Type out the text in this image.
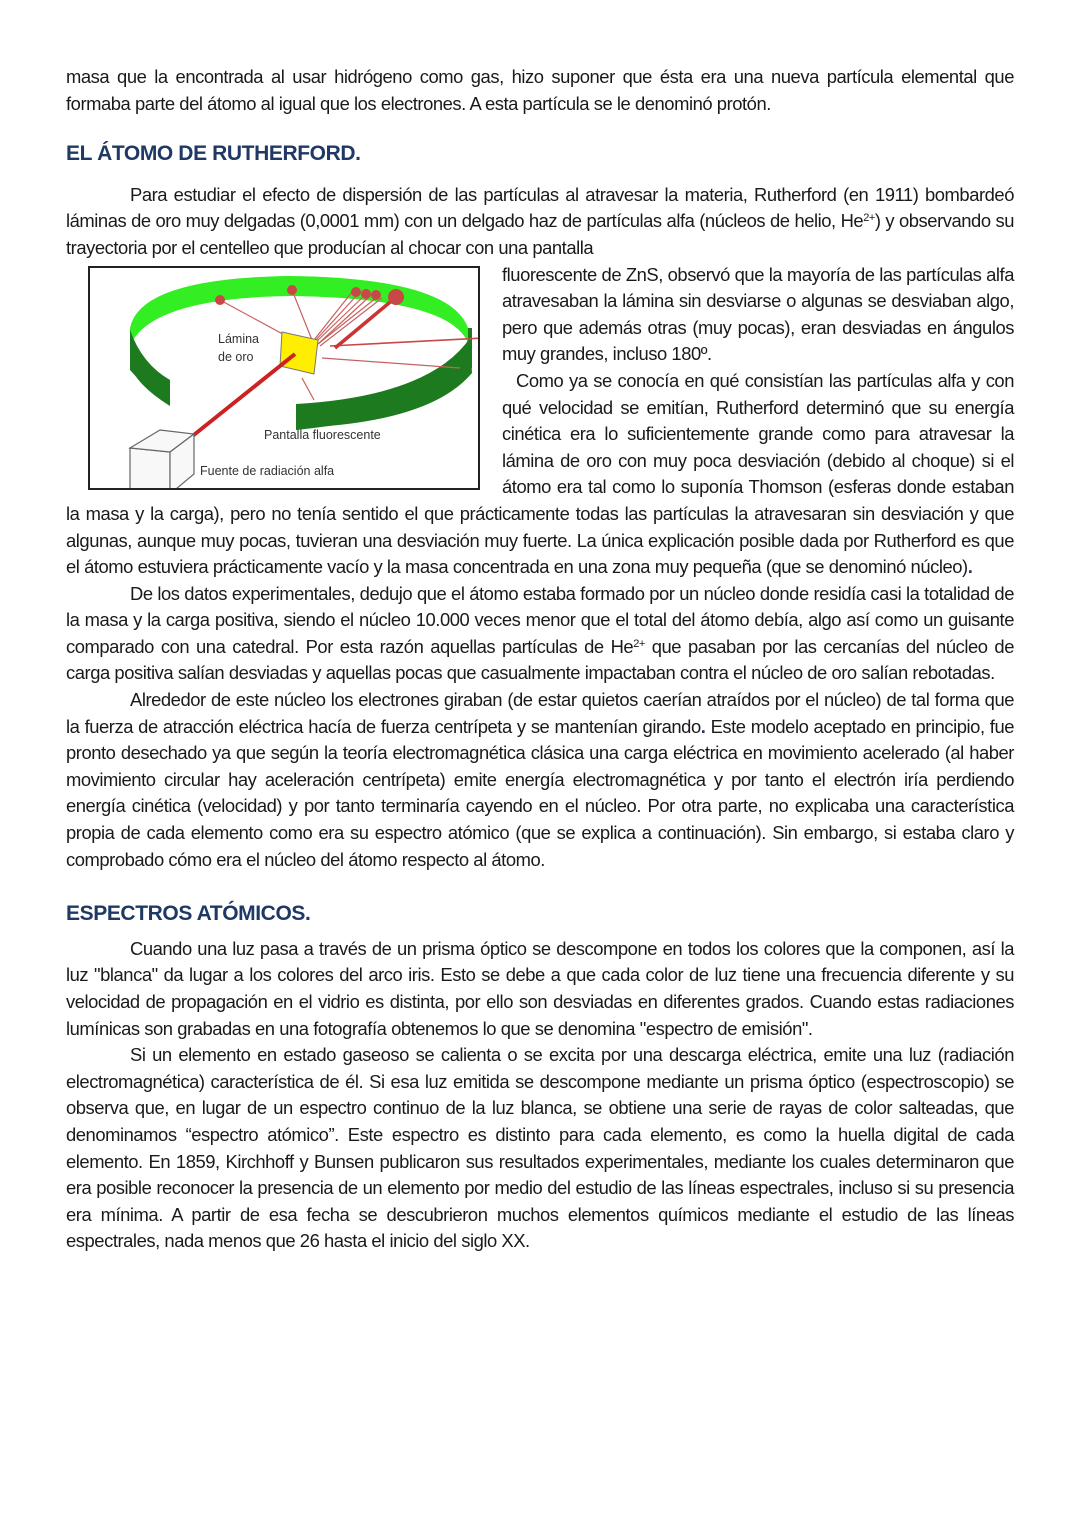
masa que la encontrada al usar hidrógeno como gas, hizo suponer que ésta era una nueva partícula elemental que formaba parte del átomo al igual que los electrones. A esta partícula se le denominó protón.

EL ÁTOMO DE RUTHERFORD.

Para estudiar el efecto de dispersión de las partículas al atravesar la materia, Rutherford (en 1911) bombardeó láminas de oro muy delgadas (0,0001 mm) con un delgado haz de partículas alfa (núcleos de helio, $He^{2+}$) y observando su trayectoria por el centelleo que producían al chocar con una pantalla

Lámina
de oro
Pantalla fluorescente
Fuente de radiación alfa

fluorescente de ZnS, observó que la mayoría de las partículas alfa atravesaban la lámina sin desviarse o algunas se desviaban algo, pero que además otras (muy pocas), eran desviadas en ángulos muy grandes, incluso 180º.

Como ya se conocía en qué consistían las partículas alfa y con qué velocidad se emitían, Rutherford determinó que su energía cinética era lo suficientemente grande como para atravesar la lámina de oro con muy poca desviación (debido al choque) si el átomo era tal como lo suponía Thomson (esferas donde estaban la masa y la carga), pero no tenía sentido el que prácticamente todas las partículas la atravesaran sin desviación y que algunas, aunque muy pocas, tuvieran una desviación muy fuerte. La única explicación posible dada por Rutherford es que el átomo estuviera prácticamente vacío y la masa concentrada en una zona muy pequeña (que se denominó núcleo).

De los datos experimentales, dedujo que el átomo estaba formado por un núcleo donde residía casi la totalidad de la masa y la carga positiva, siendo el núcleo 10.000 veces menor que el total del átomo debía, algo así como un guisante comparado con una catedral. Por esta razón aquellas partículas de $He^{2+}$ que pasaban por las cercanías del núcleo de carga positiva salían desviadas y aquellas pocas que casualmente impactaban contra el núcleo de oro salían rebotadas.

Alrededor de este núcleo los electrones giraban (de estar quietos caerían atraídos por el núcleo) de tal forma que la fuerza de atracción eléctrica hacía de fuerza centrípeta y se mantenían girando. Este modelo aceptado en principio, fue pronto desechado ya que según la teoría electromagnética clásica una carga eléctrica en movimiento acelerado (al haber movimiento circular hay aceleración centrípeta) emite energía electromagnética y por tanto el electrón iría perdiendo energía cinética (velocidad) y por tanto terminaría cayendo en el núcleo. Por otra parte, no explicaba una característica propia de cada elemento como era su espectro atómico (que se explica a continuación). Sin embargo, si estaba claro y comprobado cómo era el núcleo del átomo respecto al átomo.

ESPECTROS ATÓMICOS.

Cuando una luz pasa a través de un prisma óptico se descompone en todos los colores que la componen, así la luz "blanca" da lugar a los colores del arco iris. Esto se debe a que cada color de luz tiene una frecuencia diferente y su velocidad de propagación en el vidrio es distinta, por ello son desviadas en diferentes grados. Cuando estas radiaciones lumínicas son grabadas en una fotografía obtenemos lo que se denomina "espectro de emisión".

Si un elemento en estado gaseoso se calienta o se excita por una descarga eléctrica, emite una luz (radiación electromagnética) característica de él. Si esa luz emitida se descompone mediante un prisma óptico (espectroscopio) se observa que, en lugar de un espectro continuo de la luz blanca, se obtiene una serie de rayas de color salteadas, que denominamos “espectro atómico”. Este espectro es distinto para cada elemento, es como la huella digital de cada elemento. En 1859, Kirchhoff y Bunsen publicaron sus resultados experimentales, mediante los cuales determinaron que era posible reconocer la presencia de un elemento por medio del estudio de las líneas espectrales, incluso si su presencia era mínima. A partir de esa fecha se descubrieron muchos elementos químicos mediante el estudio de las líneas espectrales, nada menos que 26 hasta el inicio del siglo XX.
